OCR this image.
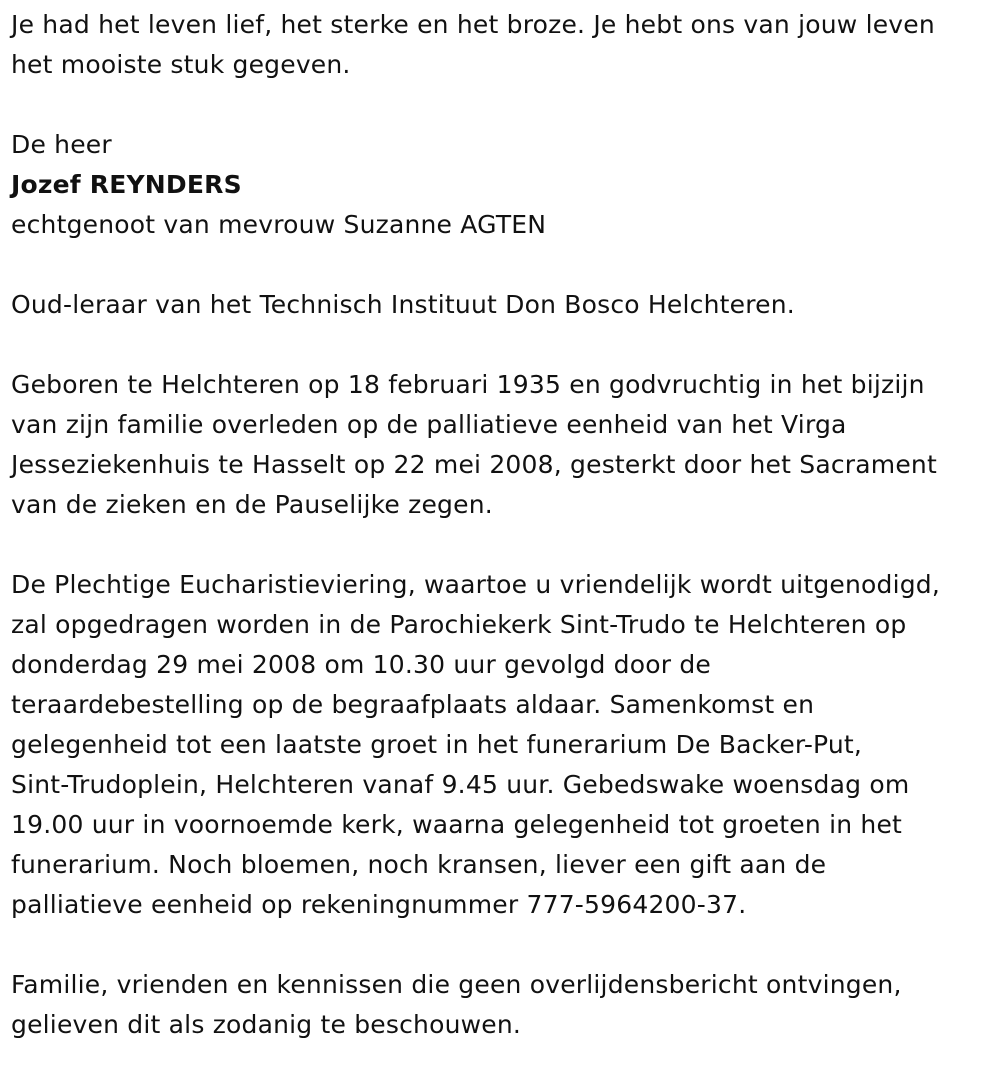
Je had het leven lief, het sterke en het broze. Je hebt ons van jouw leven
het mooiste stuk gegeven.

De heer

Jozef REYNDERS

echtgenoot van mevrouw Suzanne AGTEN

Oud-leraar van het Technisch Instituut Don Bosco Helchteren.

Geboren te Helchteren op 18 februari 1935 en godvruchtig in het bijzijn
van zijn familie overleden op de palliatieve eenheid van het Virga
Jesseziekenhuis te Hasselt op 22 mei 2008, gesterkt door het Sacrament
van de zieken en de Pauselijke zegen.

De Plechtige Eucharistieviering, waartoe u vriendelijk wordt uitgenodigd,
zal opgedragen worden in de Parochiekerk Sint-Trudo te Helchteren op
donderdag 29 mei 2008 om 10.30 uur gevolgd door de
teraardebestelling op de begraafplaats aldaar. Samenkomst en
gelegenheid tot een laatste groet in het funerarium De Backer-Put,
Sint-Trudoplein, Helchteren vanaf 9.45 uur. Gebedswake woensdag om
19.00 uur in voornoemde kerk, waarna gelegenheid tot groeten in het
funerarium. Noch bloemen, noch kransen, liever een gift aan de
palliatieve eenheid op rekeningnummer 777-5964200-37.

Familie, vrienden en kennissen die geen overlijdensbericht ontvingen,
gelieven dit als zodanig te beschouwen.
